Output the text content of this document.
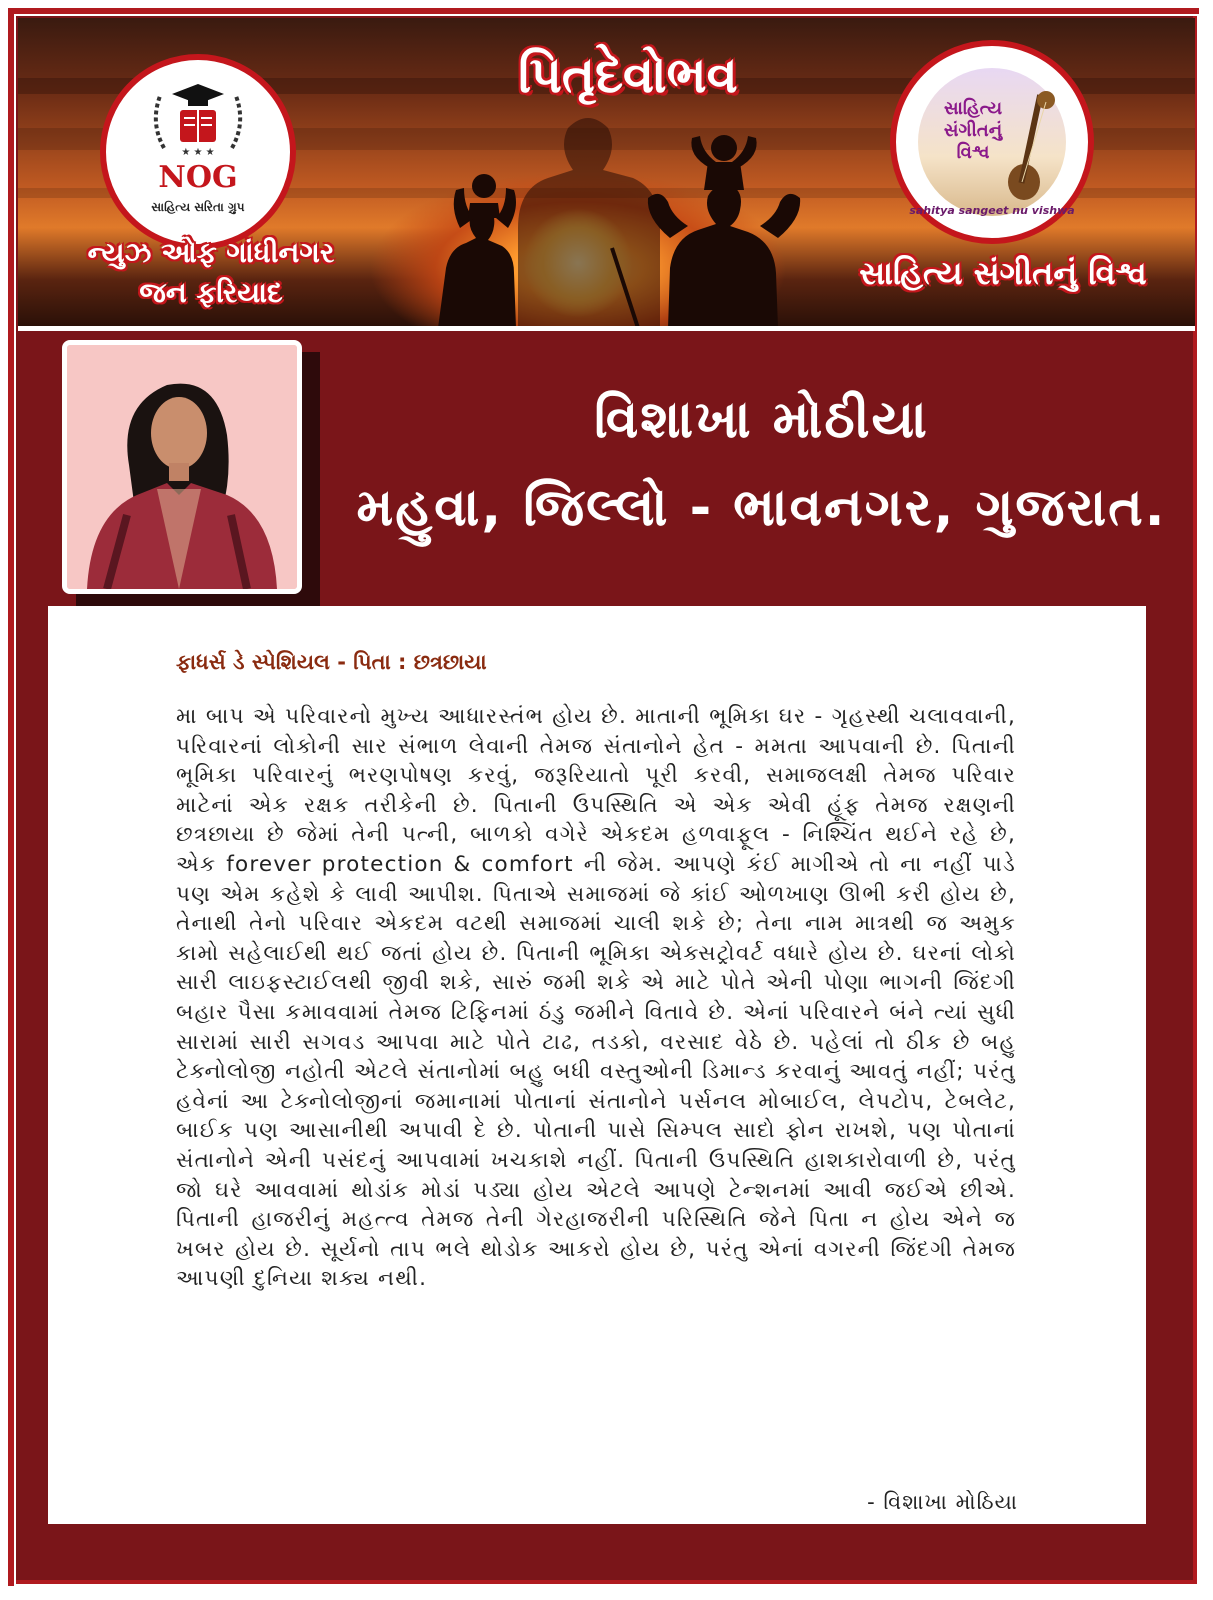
પિતૃદેવોભવ
★ ★ ★
NOG
સાહિત્ય સરિતા ગ્રુપ
સાહિત્ય
સંગીતનું
વિશ્વ
sahitya sangeet nu vishwa
ન્યુઝ ઓફ ગાંધીનગર
જન ફરિયાદ
સાહિત્ય સંગીતનું વિશ્વ
વિશાખા મોઠીયા
મહુવા, જિલ્લો - ભાવનગર, ગુજરાત.
ફાધર્સ ડે સ્પેશિયલ - પિતા : છત્રછાયા
મા બાપ એ પરિવારનો મુખ્ય આધારસ્તંભ હોય છે. માતાની ભૂમિકા ઘર - ગૃહસ્થી ચલાવવાની, પરિવારનાં લોકોની સાર સંભાળ લેવાની તેમજ સંતાનોને હેત - મમતા આપવાની છે. પિતાની ભૂમિકા પરિવારનું ભરણપોષણ કરવું, જરૂરિયાતો પૂરી કરવી, સમાજલક્ષી તેમજ પરિવાર માટેનાં એક રક્ષક તરીકેની છે. પિતાની ઉપસ્થિતિ એ એક એવી હૂંફ તેમજ રક્ષણની છત્રછાયા છે જેમાં તેની પત્ની, બાળકો વગેરે એકદમ હળવાફૂલ - નિશ્ચિંત થઈને રહે છે, એક forever protection & comfort ની જેમ. આપણે કંઈ માગીએ તો ના નહીં પાડે પણ એમ કહેશે કે લાવી આપીશ. પિતાએ સમાજમાં જે કાંઈ ઓળખાણ ઊભી કરી હોય છે, તેનાથી તેનો પરિવાર એકદમ વટથી સમાજમાં ચાલી શકે છે; તેના નામ માત્રથી જ અમુક કામો સહેલાઈથી થઈ જતાં હોય છે. પિતાની ભૂમિકા એક્સટ્રોવર્ટ વધારે હોય છે. ઘરનાં લોકો સારી લાઇફસ્ટાઈલથી જીવી શકે, સારું જમી શકે એ માટે પોતે એની પોણા ભાગની જિંદગી બહાર પૈસા કમાવવામાં તેમજ ટિફિનમાં ઠંડુ જમીને વિતાવે છે. એનાં પરિવારને બંને ત્યાં સુધી સારામાં સારી સગવડ આપવા માટે પોતે ટાઢ, તડકો, વરસાદ વેઠે છે. પહેલાં તો ઠીક છે બહુ ટેક્નોલોજી નહોતી એટલે સંતાનોમાં બહુ બધી વસ્તુઓની ડિમાન્ડ કરવાનું આવતું નહીં; પરંતુ હવેનાં આ ટેક્નોલોજીનાં જમાનામાં પોતાનાં સંતાનોને પર્સનલ મોબાઈલ, લેપટોપ, ટેબલેટ, બાઈક પણ આસાનીથી અપાવી દે છે. પોતાની પાસે સિમ્પલ સાદો ફોન રાખશે, પણ પોતાનાં સંતાનોને એની પસંદનું આપવામાં ખચકાશે નહીં. પિતાની ઉપસ્થિતિ હાશકારોવાળી છે, પરંતુ જો ઘરે આવવામાં થોડાંક મોડાં પડ્યા હોય એટલે આપણે ટેન્શનમાં આવી જઈએ છીએ. પિતાની હાજરીનું મહત્ત્વ તેમજ તેની ગેરહાજરીની પરિસ્થિતિ જેને પિતા ન હોય એને જ ખબર હોય છે. સૂર્યનો તાપ ભલે થોડોક આકરો હોય છે, પરંતુ એનાં વગરની જિંદગી તેમજ આપણી દુનિયા શક્ય નથી.
- વિશાખા મોઠિયા
